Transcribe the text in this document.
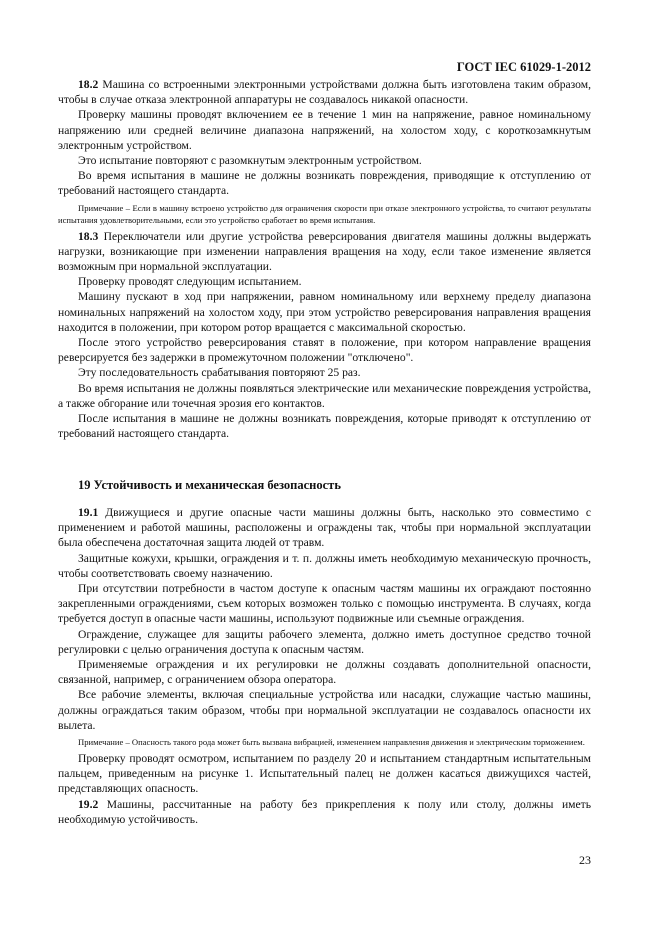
ГОСТ IEC 61029-1-2012

18.2 Машина со встроенными электронными устройствами должна быть изготовлена таким образом, чтобы в случае отказа электронной аппаратуры не создавалось никакой опасности.

Проверку машины проводят включением ее в течение 1 мин на напряжение, равное номинальному напряжению или средней величине диапазона напряжений, на холостом ходу, с короткозамкнутым электронным устройством.

Это испытание повторяют с разомкнутым электронным устройством.

Во время испытания в машине не должны возникать повреждения, приводящие к отступлению от требований настоящего стандарта.

Примечание – Если в машину встроено устройство для ограничения скорости при отказе электронного устройства, то считают результаты испытания удовлетворительными, если это устройство сработает во время испытания.

18.3 Переключатели или другие устройства реверсирования двигателя машины должны выдержать нагрузки, возникающие при изменении направления вращения на ходу, если такое изменение является возможным при нормальной эксплуатации.

Проверку проводят следующим испытанием.

Машину пускают в ход при напряжении, равном номинальному или верхнему пределу диапазона номинальных напряжений на холостом ходу, при этом устройство реверсирования направления вращения находится в положении, при котором ротор вращается с максимальной скоростью.

После этого устройство реверсирования ставят в положение, при котором направление вращения реверсируется без задержки в промежуточном положении "отключено".

Эту последовательность срабатывания повторяют 25 раз.

Во время испытания не должны появляться электрические или механические повреждения устройства, а также обгорание или точечная эрозия его контактов.

После испытания в машине не должны возникать повреждения, которые приводят к отступлению от требований настоящего стандарта.

19 Устойчивость и механическая безопасность

19.1 Движущиеся и другие опасные части машины должны быть, насколько это совместимо с применением и работой машины, расположены и ограждены так, чтобы при нормальной эксплуатации была обеспечена достаточная защита людей от травм.

Защитные кожухи, крышки, ограждения и т. п. должны иметь необходимую механическую прочность, чтобы соответствовать своему назначению.

При отсутствии потребности в частом доступе к опасным частям машины их ограждают постоянно закрепленными ограждениями, съем которых возможен только с помощью инструмента. В случаях, когда требуется доступ в опасные части машины, используют подвижные или съемные ограждения.

Ограждение, служащее для защиты рабочего элемента, должно иметь доступное средство точной регулировки с целью ограничения доступа к опасным частям.

Применяемые ограждения и их регулировки не должны создавать дополнительной опасности, связанной, например, с ограничением обзора оператора.

Все рабочие элементы, включая специальные устройства или насадки, служащие частью машины, должны ограждаться таким образом, чтобы при нормальной эксплуатации не создавалось опасности их вылета.

Примечание – Опасность такого рода может быть вызвана вибрацией, изменением направления движения и электрическим торможением.

Проверку проводят осмотром, испытанием по разделу 20 и испытанием стандартным испытательным пальцем, приведенным на рисунке 1. Испытательный палец не должен касаться движущихся частей, представляющих опасность.

19.2 Машины, рассчитанные на работу без прикрепления к полу или столу, должны иметь необходимую устойчивость.

23
